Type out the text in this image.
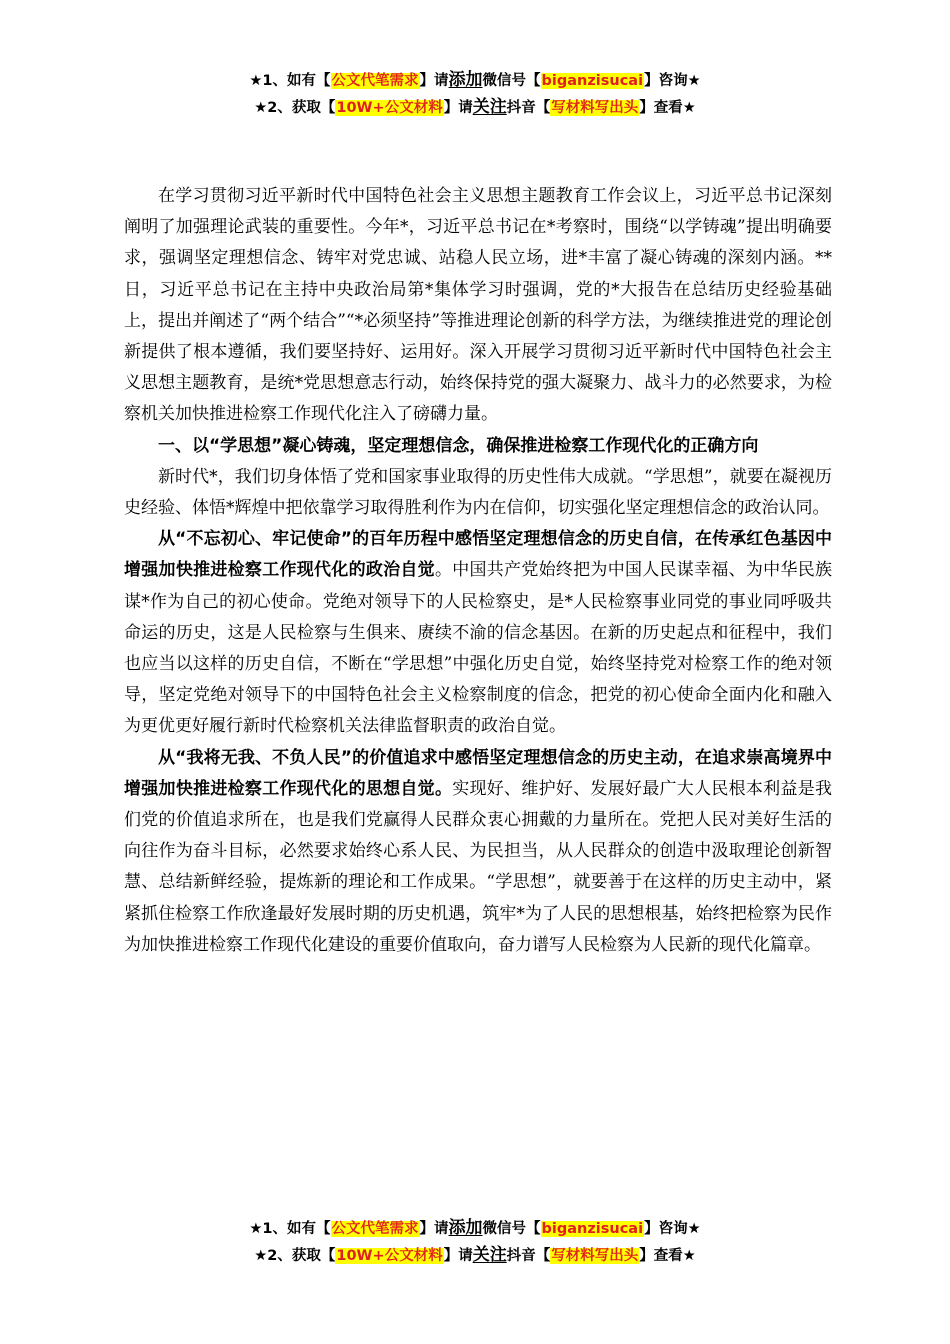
★1、如有【公文代笔需求】请添加微信号【biganzisucai】咨询★
★2、获取【10W+公文材料】请关注抖音【写材料写出头】查看★

在学习贯彻习近平新时代中国特色社会主义思想主题教育工作会议上，习近平总书记深刻阐明了加强理论武装的重要性。今年*，习近平总书记在*考察时，围绕“以学铸魂”提出明确要求，强调坚定理想信念、铸牢对党忠诚、站稳人民立场，进*丰富了凝心铸魂的深刻内涵。**日，习近平总书记在主持中央政治局第*集体学习时强调，党的*大报告在总结历史经验基础上，提出并阐述了“两个结合”“*必须坚持”等推进理论创新的科学方法，为继续推进党的理论创新提供了根本遵循，我们要坚持好、运用好。深入开展学习贯彻习近平新时代中国特色社会主义思想主题教育，是统*党思想意志行动，始终保持党的强大凝聚力、战斗力的必然要求，为检察机关加快推进检察工作现代化注入了磅礴力量。

一、以“学思想”凝心铸魂，坚定理想信念，确保推进检察工作现代化的正确方向

新时代*，我们切身体悟了党和国家事业取得的历史性伟大成就。“学思想”，就要在凝视历史经验、体悟*辉煌中把依靠学习取得胜利作为内在信仰，切实强化坚定理想信念的政治认同。

从“不忘初心、牢记使命”的百年历程中感悟坚定理想信念的历史自信，在传承红色基因中增强加快推进检察工作现代化的政治自觉。中国共产党始终把为中国人民谋幸福、为中华民族谋*作为自己的初心使命。党绝对领导下的人民检察史，是*人民检察事业同党的事业同呼吸共命运的历史，这是人民检察与生俱来、赓续不渝的信念基因。在新的历史起点和征程中，我们也应当以这样的历史自信，不断在“学思想”中强化历史自觉，始终坚持党对检察工作的绝对领导，坚定党绝对领导下的中国特色社会主义检察制度的信念，把党的初心使命全面内化和融入为更优更好履行新时代检察机关法律监督职责的政治自觉。

从“我将无我、不负人民”的价值追求中感悟坚定理想信念的历史主动，在追求崇高境界中增强加快推进检察工作现代化的思想自觉。实现好、维护好、发展好最广大人民根本利益是我们党的价值追求所在，也是我们党赢得人民群众衷心拥戴的力量所在。党把人民对美好生活的向往作为奋斗目标，必然要求始终心系人民、为民担当，从人民群众的创造中汲取理论创新智慧、总结新鲜经验，提炼新的理论和工作成果。“学思想”，就要善于在这样的历史主动中，紧紧抓住检察工作欣逢最好发展时期的历史机遇，筑牢*为了人民的思想根基，始终把检察为民作为加快推进检察工作现代化建设的重要价值取向，奋力谱写人民检察为人民新的现代化篇章。

★1、如有【公文代笔需求】请添加微信号【biganzisucai】咨询★
★2、获取【10W+公文材料】请关注抖音【写材料写出头】查看★
